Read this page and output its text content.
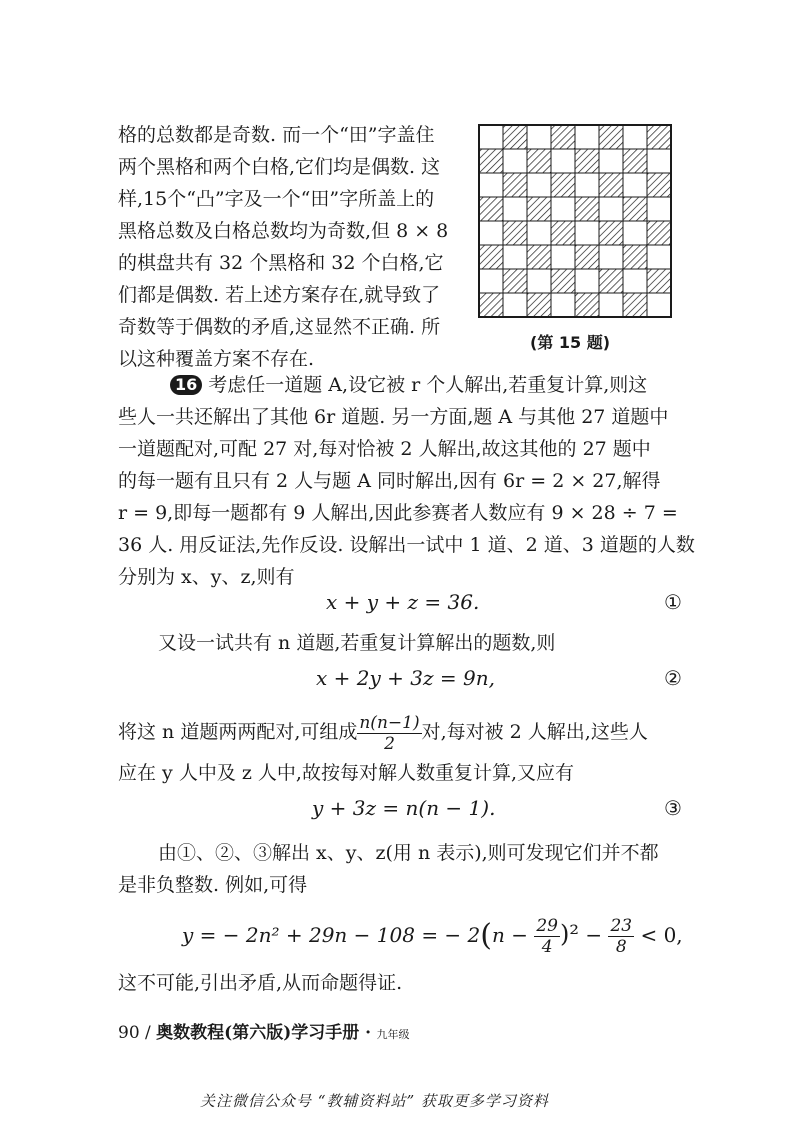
格的总数都是奇数. 而一个“田”字盖住
两个黑格和两个白格,它们均是偶数. 这
样,15个“凸”字及一个“田”字所盖上的
黑格总数及白格总数均为奇数,但 8 × 8
的棋盘共有 32 个黑格和 32 个白格,它
们都是偶数. 若上述方案存在,就导致了
奇数等于偶数的矛盾,这显然不正确. 所
以这种覆盖方案不存在.
(第 15 题)
16 考虑任一道题 A,设它被 r 个人解出,若重复计算,则这
些人一共还解出了其他 6r 道题. 另一方面,题 A 与其他 27 道题中
一道题配对,可配 27 对,每对恰被 2 人解出,故这其他的 27 题中
的每一题有且只有 2 人与题 A 同时解出,因有 6r = 2 × 27,解得
r = 9,即每一题都有 9 人解出,因此参赛者人数应有 9 × 28 ÷ 7 =
36 人. 用反证法,先作反设. 设解出一试中 1 道、2 道、3 道题的人数
分别为 x、y、z,则有
x + y + z = 36.	①
又设一试共有 n 道题,若重复计算解出的题数,则
x + 2y + 3z = 9n,	②
将这 n 道题两两配对,可组成 $\frac{n(n-1)}{2}$ 对,每对被 2 人解出,这些人
应在 y 人中及 z 人中,故按每对解人数重复计算,又应有
y + 3z = n(n − 1).	③
由①、②、③解出 x、y、z(用 n 表示),则可发现它们并不都
是非负整数. 例如,可得
y = − 2n² + 29n − 108 = − $2(n - \frac{29}{4} )^2 - \frac{23}{8} < 0$,
这不可能,引出矛盾,从而命题得证.
90 / 奥数教程(第六版)学习手册 · 九年级
关注微信公众号 “教辅资料站” 获取更多学习资料
